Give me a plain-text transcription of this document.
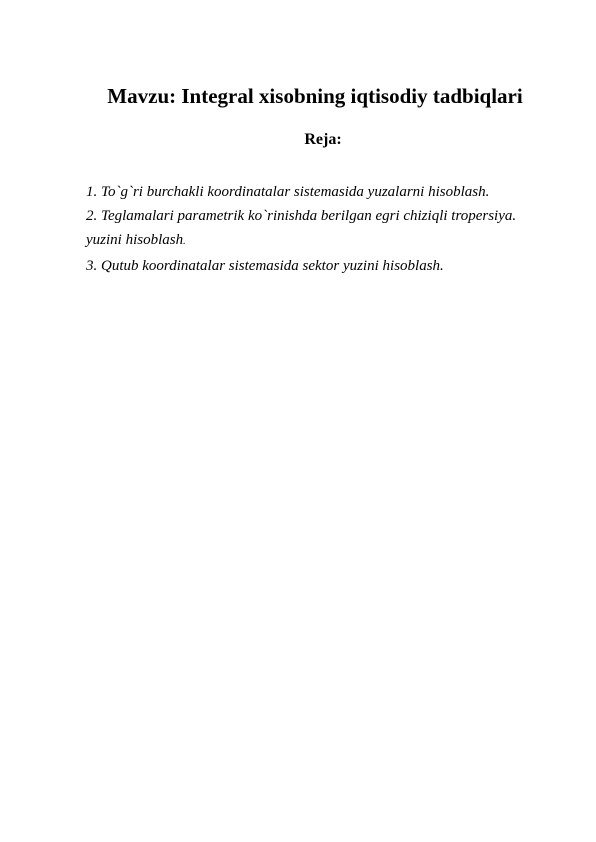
Mavzu: Integral xisobning iqtisodiy tadbiqlari
Reja:
1. To`g`ri burchakli koordinatalar sistemasida yuzalarni hisoblash.
2. Teglamalari parametrik ko`rinishda berilgan egri chiziqli tropersiya.
yuzini hisoblash.
3. Qutub koordinatalar sistemasida sektor yuzini hisoblash.
